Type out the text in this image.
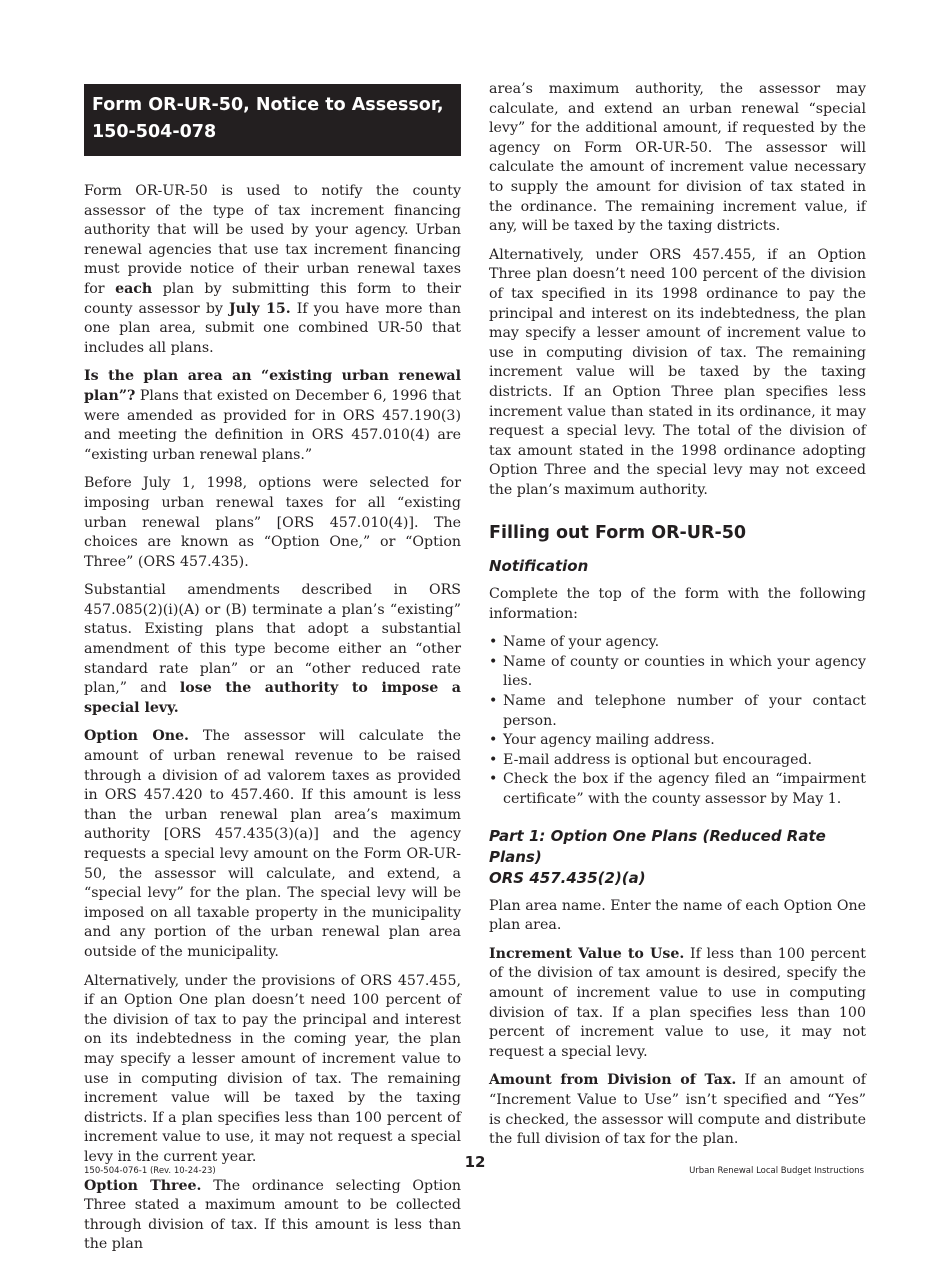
Form OR-UR-50, Notice to Assessor,
150-504-078

Form OR-UR-50 is used to notify the county assessor of the type of tax increment financing authority that will be used by your agency. Urban renewal agencies that use tax increment financing must provide notice of their urban renewal taxes for each plan by submitting this form to their county assessor by July 15. If you have more than one plan area, submit one combined UR-50 that includes all plans.

Is the plan area an “existing urban renewal plan”? Plans that existed on December 6, 1996 that were amended as provided for in ORS 457.190(3) and meeting the definition in ORS 457.010(4) are “existing urban renewal plans.”

Before July 1, 1998, options were selected for imposing urban renewal taxes for all “existing urban renewal plans” [ORS 457.010(4)]. The choices are known as “Option One,” or “Option Three” (ORS 457.435).

Substantial amendments described in ORS 457.085(2)(i)(A) or (B) terminate a plan’s “existing” status. Existing plans that adopt a substantial amendment of this type become either an “other standard rate plan” or an “other reduced rate plan,” and lose the authority to impose a special levy.

Option One. The assessor will calculate the amount of urban renewal revenue to be raised through a division of ad valorem taxes as provided in ORS 457.420 to 457.460. If this amount is less than the urban renewal plan area’s maximum authority [ORS 457.435(3)(a)] and the agency requests a special levy amount on the Form OR-UR-50, the assessor will calculate, and extend, a “special levy” for the plan. The special levy will be imposed on all taxable property in the municipality and any portion of the urban renewal plan area outside of the municipality.

Alternatively, under the provisions of ORS 457.455, if an Option One plan doesn’t need 100 percent of the division of tax to pay the principal and interest on its indebtedness in the coming year, the plan may specify a lesser amount of increment value to use in computing division of tax. The remaining increment value will be taxed by the taxing districts. If a plan specifies less than 100 percent of increment value to use, it may not request a special levy in the current year.

Option Three. The ordinance selecting Option Three stated a maximum amount to be collected through division of tax. If this amount is less than the plan

area’s maximum authority, the assessor may calculate, and extend an urban renewal “special levy” for the additional amount, if requested by the agency on Form OR-UR-50. The assessor will calculate the amount of increment value necessary to supply the amount for division of tax stated in the ordinance. The remaining increment value, if any, will be taxed by the taxing districts.

Alternatively, under ORS 457.455, if an Option Three plan doesn’t need 100 percent of the division of tax specified in its 1998 ordinance to pay the principal and interest on its indebtedness, the plan may specify a lesser amount of increment value to use in computing division of tax. The remaining increment value will be taxed by the taxing districts. If an Option Three plan specifies less increment value than stated in its ordinance, it may request a special levy. The total of the division of tax amount stated in the 1998 ordinance adopting Option Three and the special levy may not exceed the plan’s maximum authority.

Filling out Form OR-UR-50
Notification

Complete the top of the form with the following information:

• Name of your agency.
• Name of county or counties in which your agency lies.
• Name and telephone number of your contact person.
• Your agency mailing address.
• E-mail address is optional but encouraged.
• Check the box if the agency filed an “impairment certificate” with the county assessor by May 1.
Part 1: Option One Plans (Reduced Rate Plans)
ORS 457.435(2)(a)

Plan area name. Enter the name of each Option One plan area.

Increment Value to Use. If less than 100 percent of the division of tax amount is desired, specify the amount of increment value to use in computing division of tax. If a plan specifies less than 100 percent of increment value to use, it may not request a special levy.

Amount from Division of Tax. If an amount of “Increment Value to Use” isn’t specified and “Yes” is checked, the assessor will compute and distribute the full division of tax for the plan.

150-504-076-1 (Rev. 10-24-23)	12	Urban Renewal Local Budget Instructions
